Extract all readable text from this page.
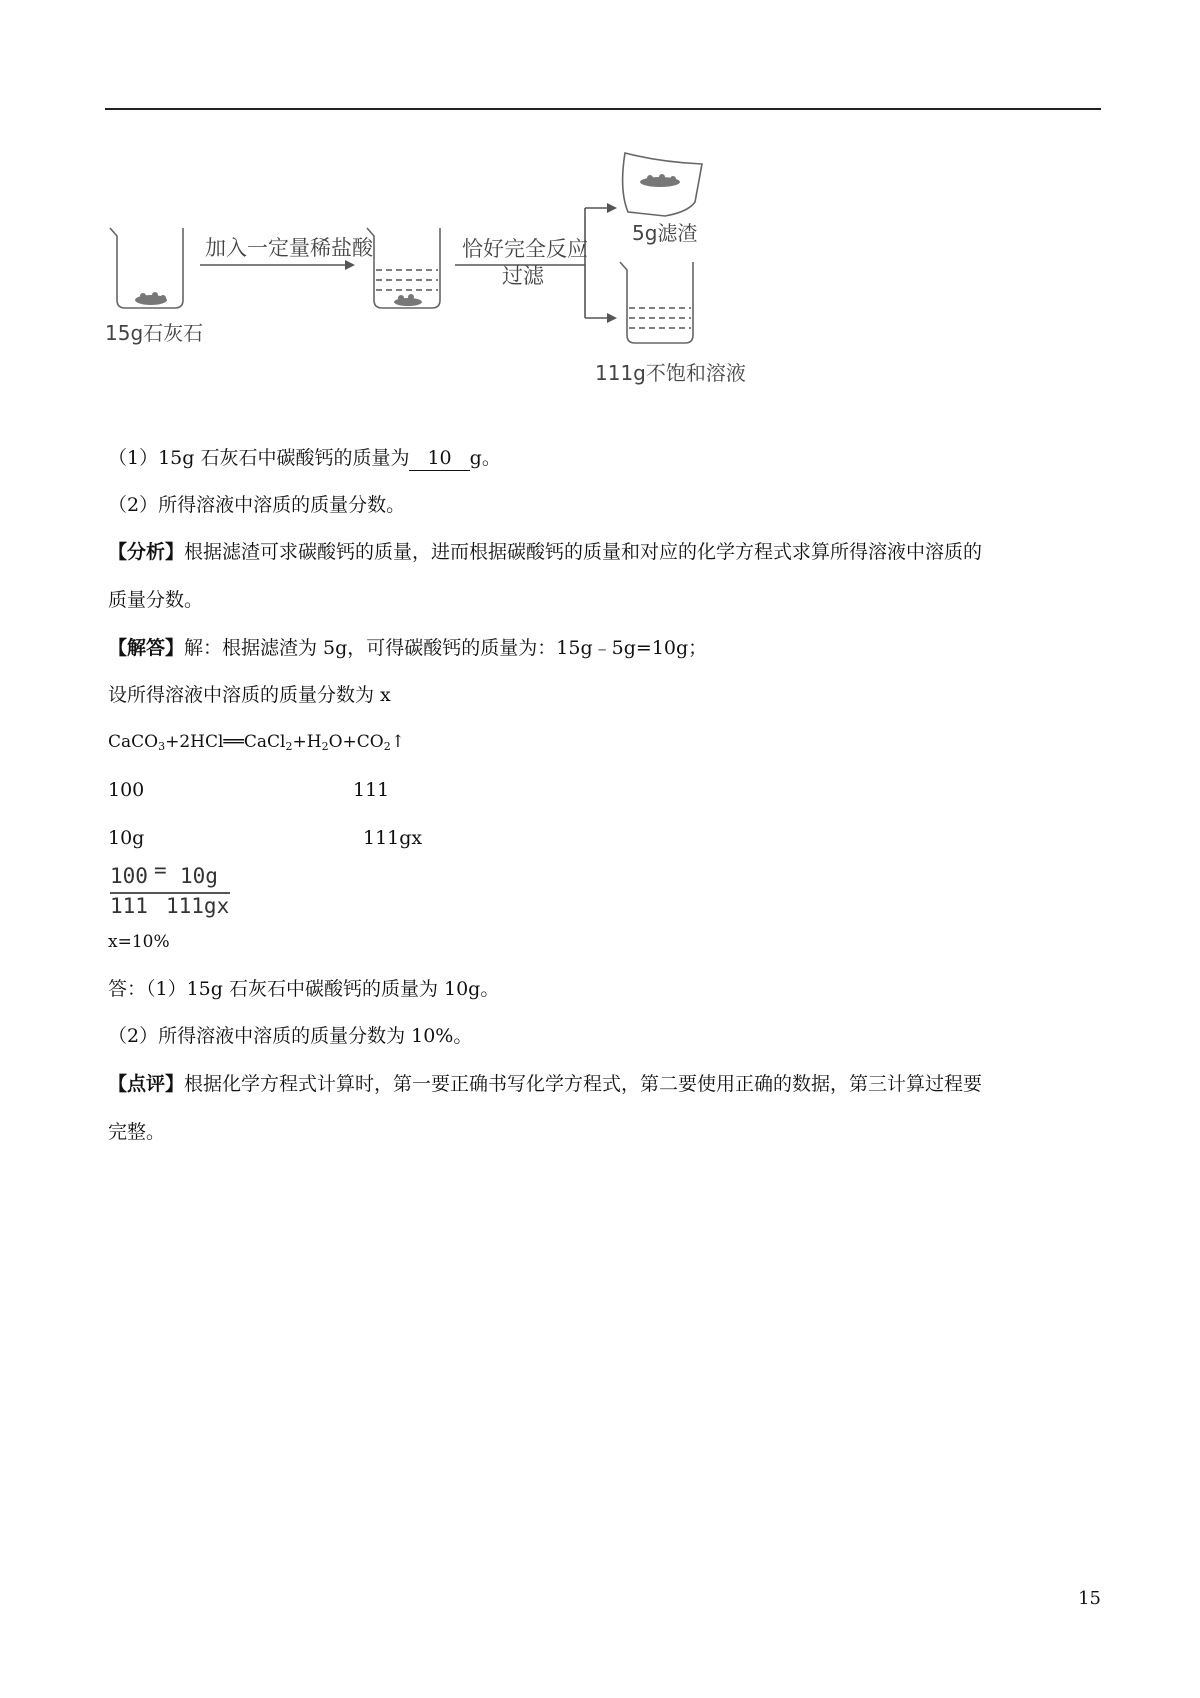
15g石灰石
加入一定量稀盐酸	恰好完全反应
过滤
5g滤渣
111g不饱和溶液
（1）15g 石灰石中碳酸钙的质量为 10 g。
（2）所得溶液中溶质的质量分数。
【分析】根据滤渣可求碳酸钙的质量，进而根据碳酸钙的质量和对应的化学方程式求算所得溶液中溶质的
质量分数。
【解答】解：根据滤渣为 5g，可得碳酸钙的质量为：15g﹣5g=10g；
设所得溶液中溶质的质量分数为 x
$CaCO_3+2HCl══CaCl_2+H_2O+CO_2↑$
100	111
10g	111gx
100 = 10g
111 111gx
x=10%
答：（1）15g 石灰石中碳酸钙的质量为 10g。
（2）所得溶液中溶质的质量分数为 10%。
【点评】根据化学方程式计算时，第一要正确书写化学方程式，第二要使用正确的数据，第三计算过程要
完整。
15
